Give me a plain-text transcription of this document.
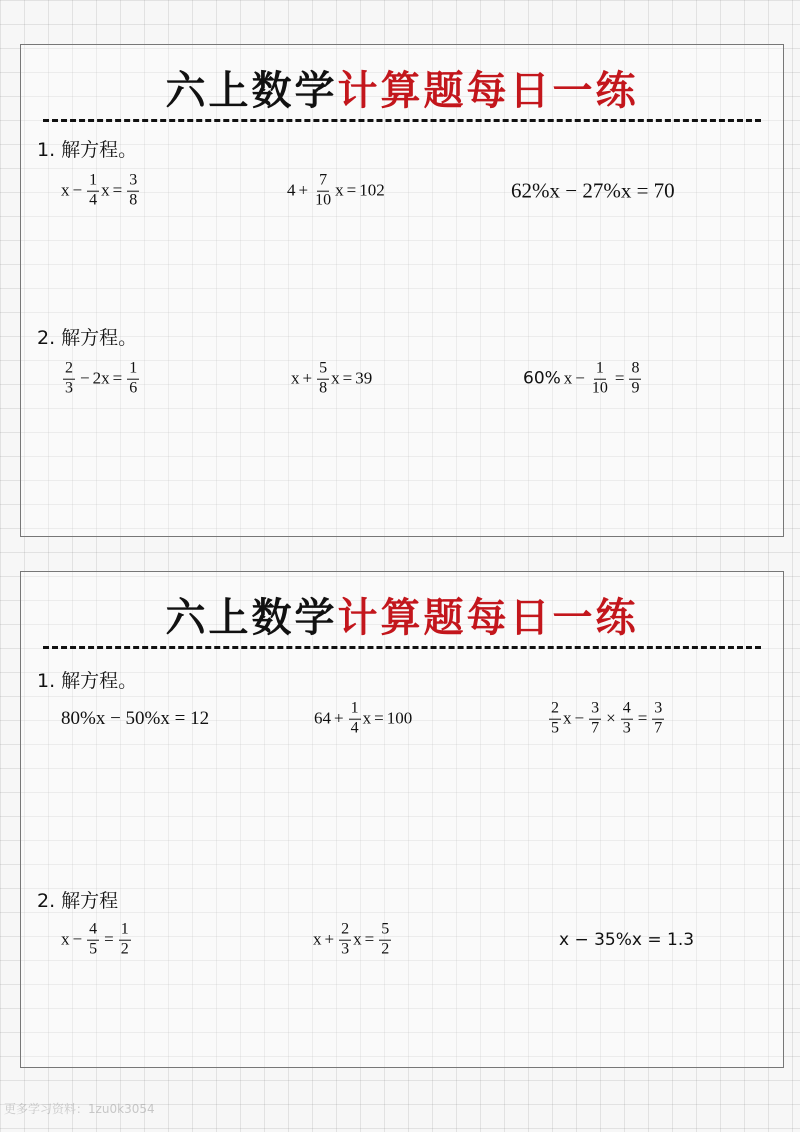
六上数学计算题每日一练
1. 解方程。
$x - \frac{1}{4}$ $x = \frac{3}{8}$	$4 + \frac{7}{10}$ x = 102	62%x − 27%x = 70
2. 解方程。
$\frac{2}{3} - 2x = \frac{1}{6}$	$x + \frac{5}{8}$ x = 39	60% $x - \frac{1}{10} = \frac{8}{9}$
六上数学计算题每日一练
1. 解方程。
80%x − 50%x = 12	$64 + \frac{1}{4}$ x = 100	$\frac{2}{5}$ $x - \frac{3}{7} \times \frac{4}{3} = \frac{3}{7}$
2. 解方程
$x - \frac{4}{5} = \frac{1}{2}$	$x + \frac{2}{3}$ $x = \frac{5}{2}$	x − 35%x = 1.3
更多学习资料：1zu0k3054
